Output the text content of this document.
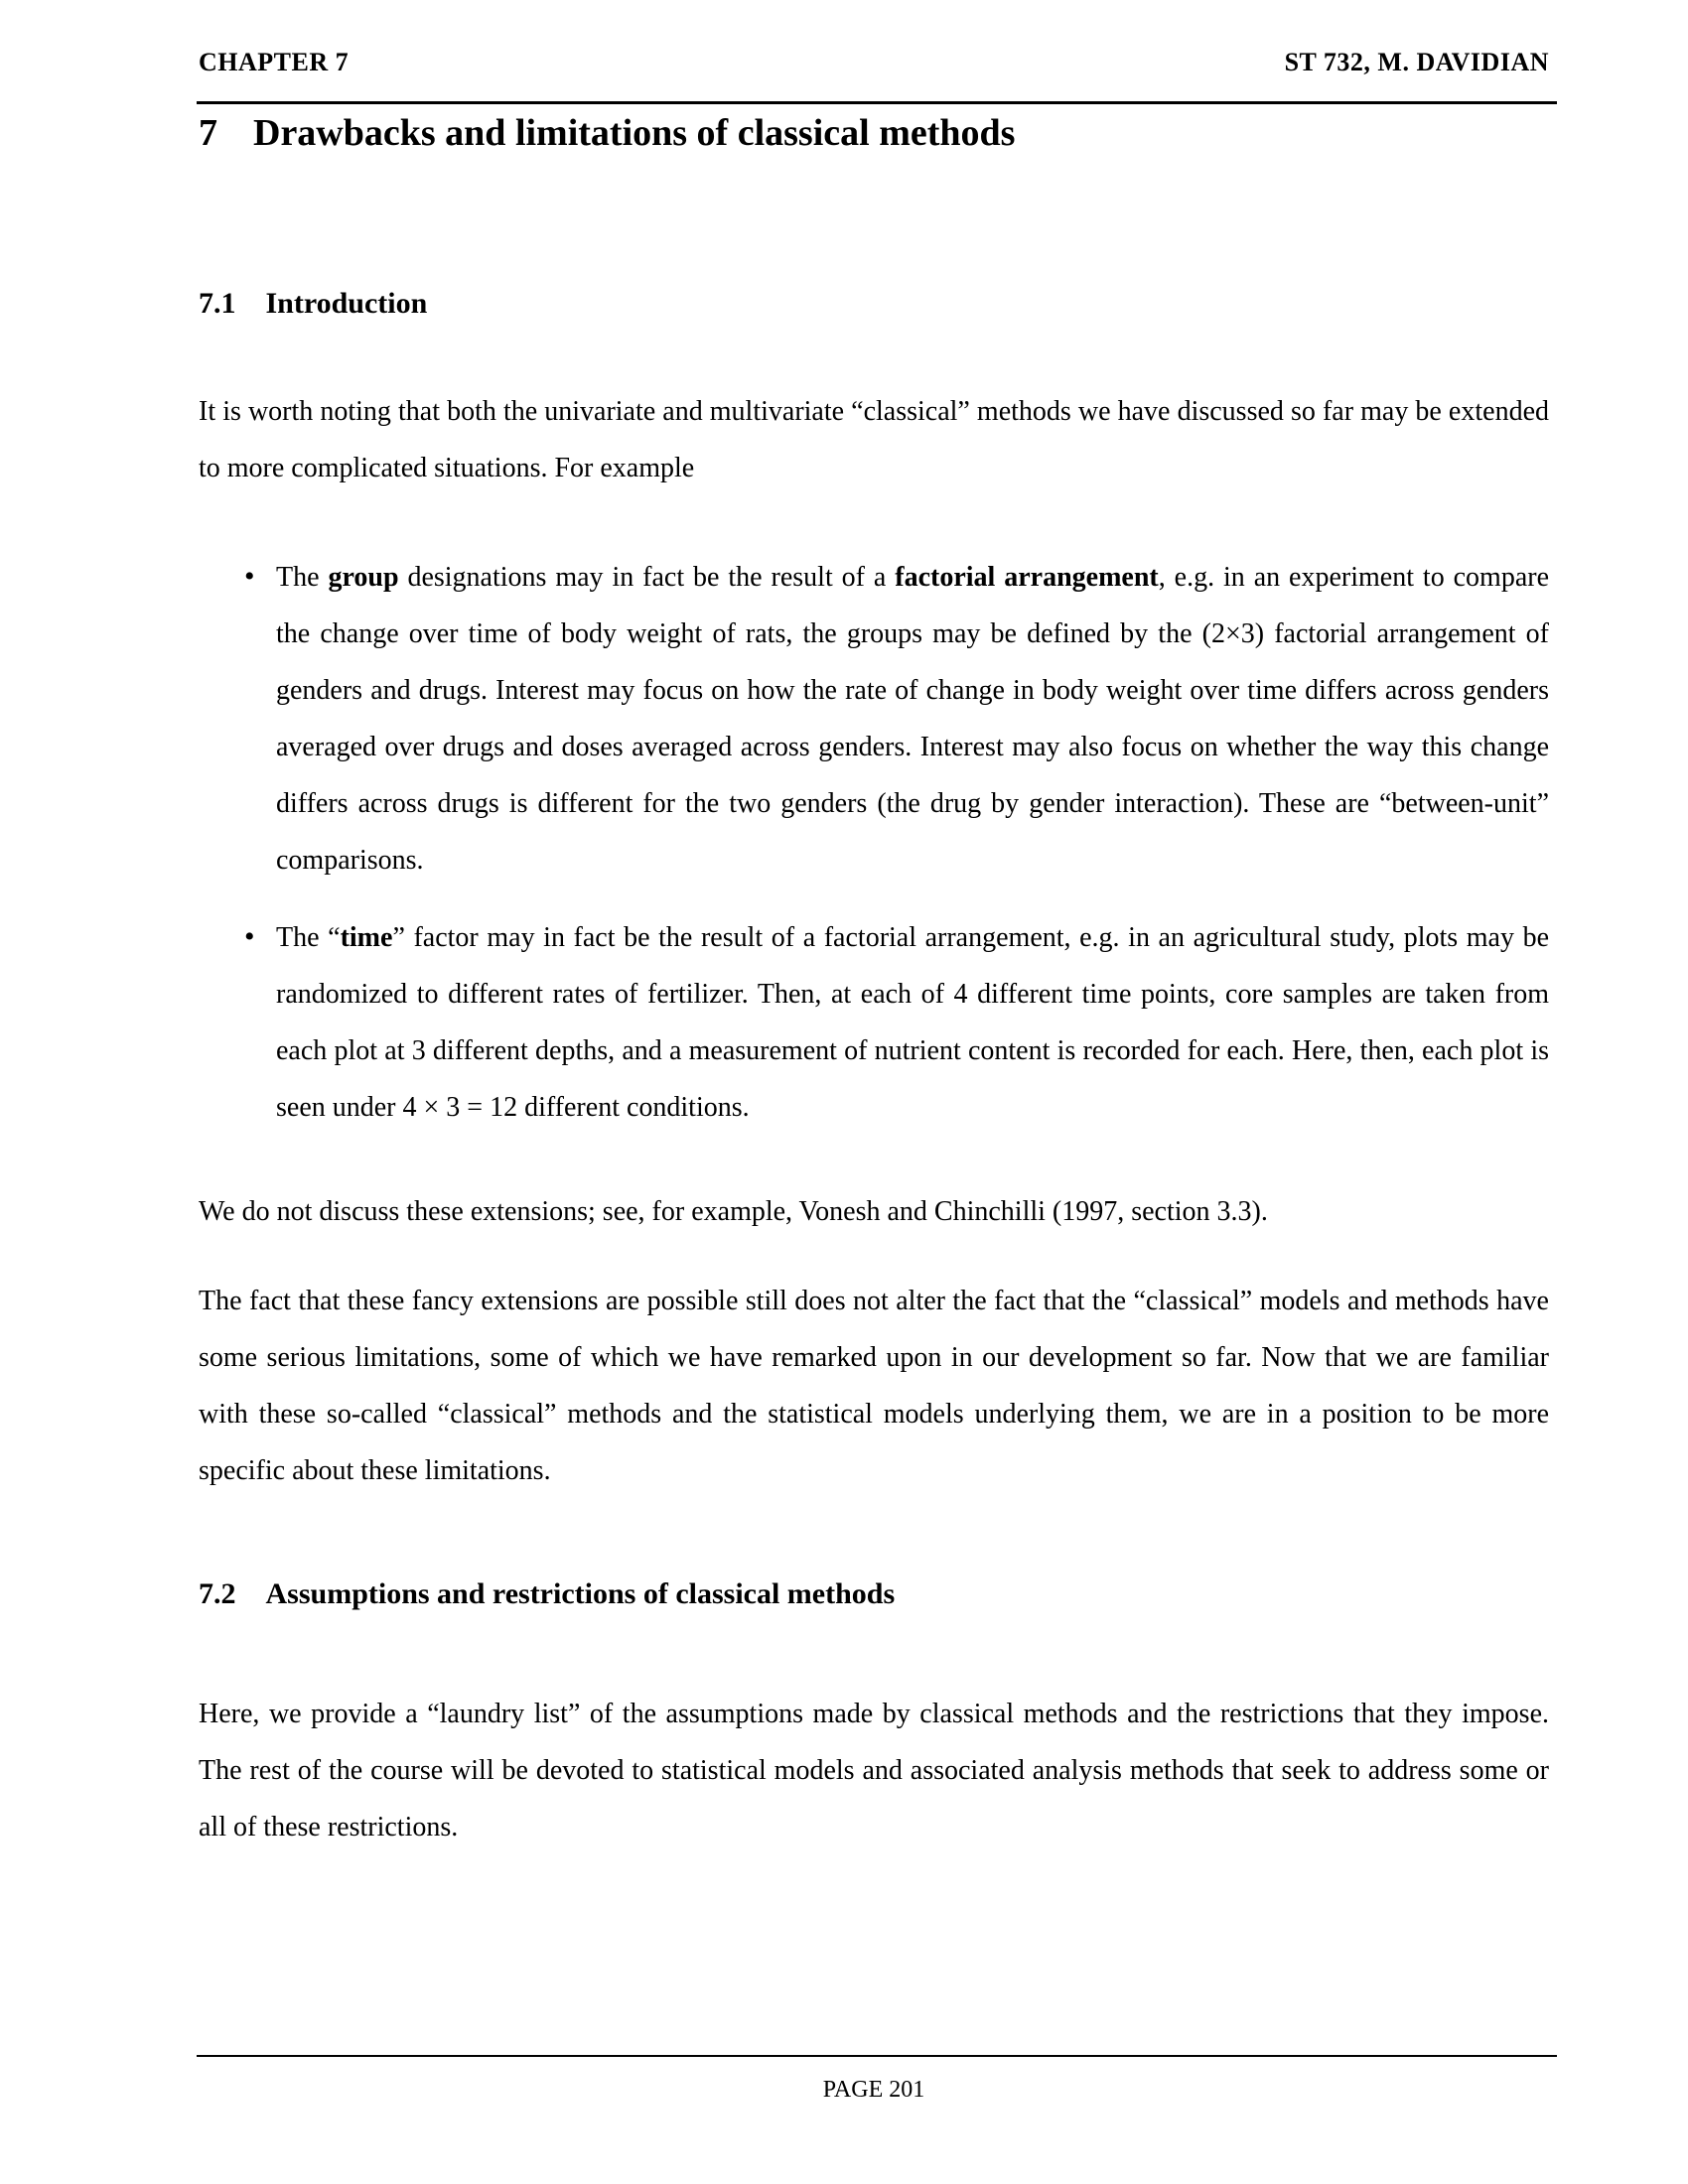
CHAPTER 7	ST 732, M. DAVIDIAN
7 Drawbacks and limitations of classical methods
7.1 Introduction

It is worth noting that both the univariate and multivariate “classical” methods we have discussed so far may be extended to more complicated situations. For example

• The group designations may in fact be the result of a factorial arrangement, e.g. in an experiment to compare the change over time of body weight of rats, the groups may be defined by the (2×3) factorial arrangement of genders and drugs. Interest may focus on how the rate of change in body weight over time differs across genders averaged over drugs and doses averaged across genders. Interest may also focus on whether the way this change differs across drugs is different for the two genders (the drug by gender interaction). These are “between-unit” comparisons.
• The “time” factor may in fact be the result of a factorial arrangement, e.g. in an agricultural study, plots may be randomized to different rates of fertilizer. Then, at each of 4 different time points, core samples are taken from each plot at 3 different depths, and a measurement of nutrient content is recorded for each. Here, then, each plot is seen under 4 × 3 = 12 different conditions.

We do not discuss these extensions; see, for example, Vonesh and Chinchilli (1997, section 3.3).

The fact that these fancy extensions are possible still does not alter the fact that the “classical” models and methods have some serious limitations, some of which we have remarked upon in our development so far. Now that we are familiar with these so-called “classical” methods and the statistical models underlying them, we are in a position to be more specific about these limitations.

7.2 Assumptions and restrictions of classical methods

Here, we provide a “laundry list” of the assumptions made by classical methods and the restrictions that they impose. The rest of the course will be devoted to statistical models and associated analysis methods that seek to address some or all of these restrictions.

PAGE 201
